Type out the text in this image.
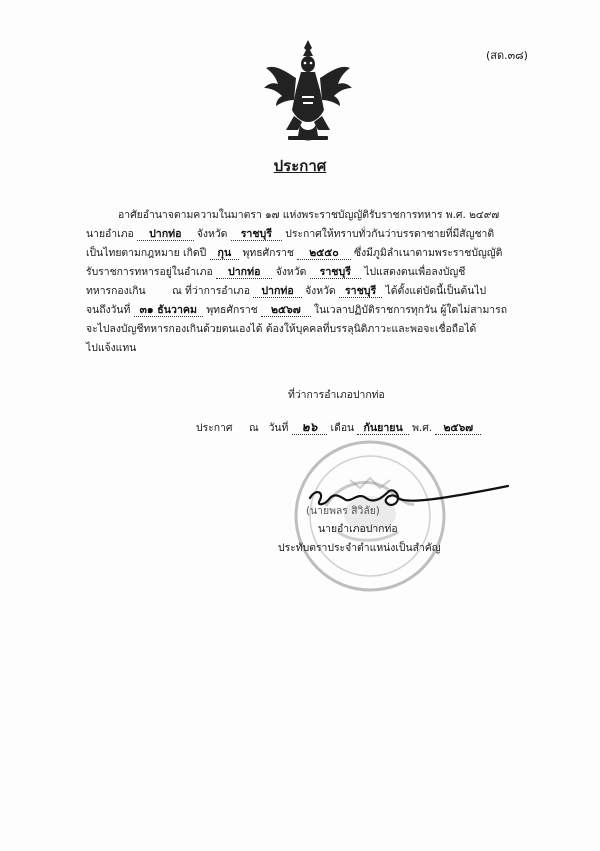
(สด.๓๘)
ประกาศ
อาศัยอำนาจตามความในมาตรา ๑๗ แห่งพระราชบัญญัติรับราชการทหาร พ.ศ. ๒๔๙๗
นายอำเภอ ปากท่อ จังหวัด ราชบุรี ประกาศให้ทราบทั่วกันว่าบรรดาชายที่มีสัญชาติ
เป็นไทยตามกฎหมาย เกิดปี กุน พุทธศักราช ๒๕๕๐ ซึ่งมีภูมิลำเนาตามพระราชบัญญัติ
รับราชการทหารอยู่ในอำเภอ ปากท่อ จังหวัด ราชบุรี ไปแสดงตนเพื่อลงบัญชี
ทหารกองเกิน	ณ ที่ว่าการอำเภอ ปากท่อ จังหวัด ราชบุรี ได้ตั้งแต่บัดนี้เป็นต้นไป
จนถึงวันที่ ๓๑ ธันวาคม พุทธศักราช ๒๕๖๗ ในเวลาปฏิบัติราชการทุกวัน ผู้ใดไม่สามารถ
จะไปลงบัญชีทหารกองเกินด้วยตนเองได้ ต้องให้บุคคลที่บรรลุนิติภาวะและพอจะเชื่อถือได้
ไปแจ้งแทน
ที่ว่าการอำเภอปากท่อ
ประกาศ ณ วันที่ ๒๖ เดือน กันยายน พ.ศ. ๒๕๖๗
(นายพลร สิวิลัย)
นายอำเภอปากท่อ
ประทับตราประจำตำแหน่งเป็นสำคัญ
